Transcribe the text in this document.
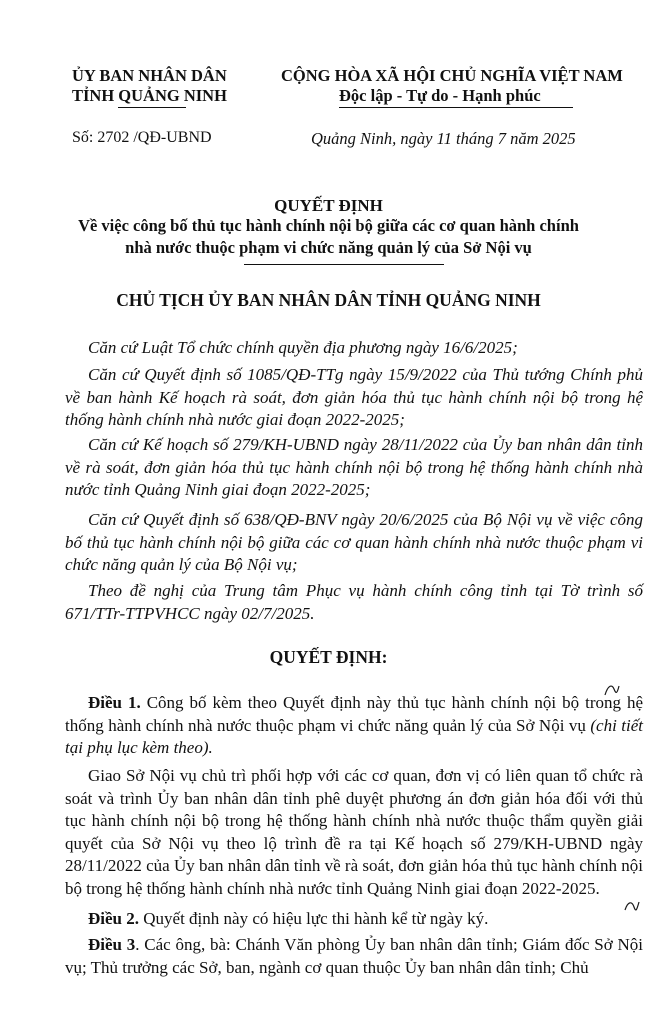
ỦY BAN NHÂN DÂN
TỈNH QUẢNG NINH
CỘNG HÒA XÃ HỘI CHỦ NGHĨA VIỆT NAM
Độc lập - Tự do - Hạnh phúc
Số: 2702 /QĐ-UBND	Quảng Ninh, ngày 11 tháng 7 năm 2025
QUYẾT ĐỊNH
Về việc công bố thủ tục hành chính nội bộ giữa các cơ quan hành chính
nhà nước thuộc phạm vi chức năng quản lý của Sở Nội vụ
CHỦ TỊCH ỦY BAN NHÂN DÂN TỈNH QUẢNG NINH
Căn cứ Luật Tổ chức chính quyền địa phương ngày 16/6/2025;
Căn cứ Quyết định số 1085/QĐ-TTg ngày 15/9/2022 của Thủ tướng Chính phủ về ban hành Kế hoạch rà soát, đơn giản hóa thủ tục hành chính nội bộ trong hệ thống hành chính nhà nước giai đoạn 2022-2025;
Căn cứ Kế hoạch số 279/KH-UBND ngày 28/11/2022 của Ủy ban nhân dân tỉnh về rà soát, đơn giản hóa thủ tục hành chính nội bộ trong hệ thống hành chính nhà nước tỉnh Quảng Ninh giai đoạn 2022-2025;
Căn cứ Quyết định số 638/QĐ-BNV ngày 20/6/2025 của Bộ Nội vụ về việc công bố thủ tục hành chính nội bộ giữa các cơ quan hành chính nhà nước thuộc phạm vi chức năng quản lý của Bộ Nội vụ;
Theo đề nghị của Trung tâm Phục vụ hành chính công tỉnh tại Tờ trình số 671/TTr-TTPVHCC ngày 02/7/2025.
QUYẾT ĐỊNH:
Điều 1. Công bố kèm theo Quyết định này thủ tục hành chính nội bộ trong hệ thống hành chính nhà nước thuộc phạm vi chức năng quản lý của Sở Nội vụ (chi tiết tại phụ lục kèm theo).
Giao Sở Nội vụ chủ trì phối hợp với các cơ quan, đơn vị có liên quan tổ chức rà soát và trình Ủy ban nhân dân tỉnh phê duyệt phương án đơn giản hóa đối với thủ tục hành chính nội bộ trong hệ thống hành chính nhà nước thuộc thẩm quyền giải quyết của Sở Nội vụ theo lộ trình đề ra tại Kế hoạch số 279/KH-UBND ngày 28/11/2022 của Ủy ban nhân dân tỉnh về rà soát, đơn giản hóa thủ tục hành chính nội bộ trong hệ thống hành chính nhà nước tỉnh Quảng Ninh giai đoạn 2022-2025.
Điều 2. Quyết định này có hiệu lực thi hành kể từ ngày ký.
Điều 3. Các ông, bà: Chánh Văn phòng Ủy ban nhân dân tỉnh; Giám đốc Sở Nội vụ; Thủ trưởng các Sở, ban, ngành cơ quan thuộc Ủy ban nhân dân tỉnh; Chủ
